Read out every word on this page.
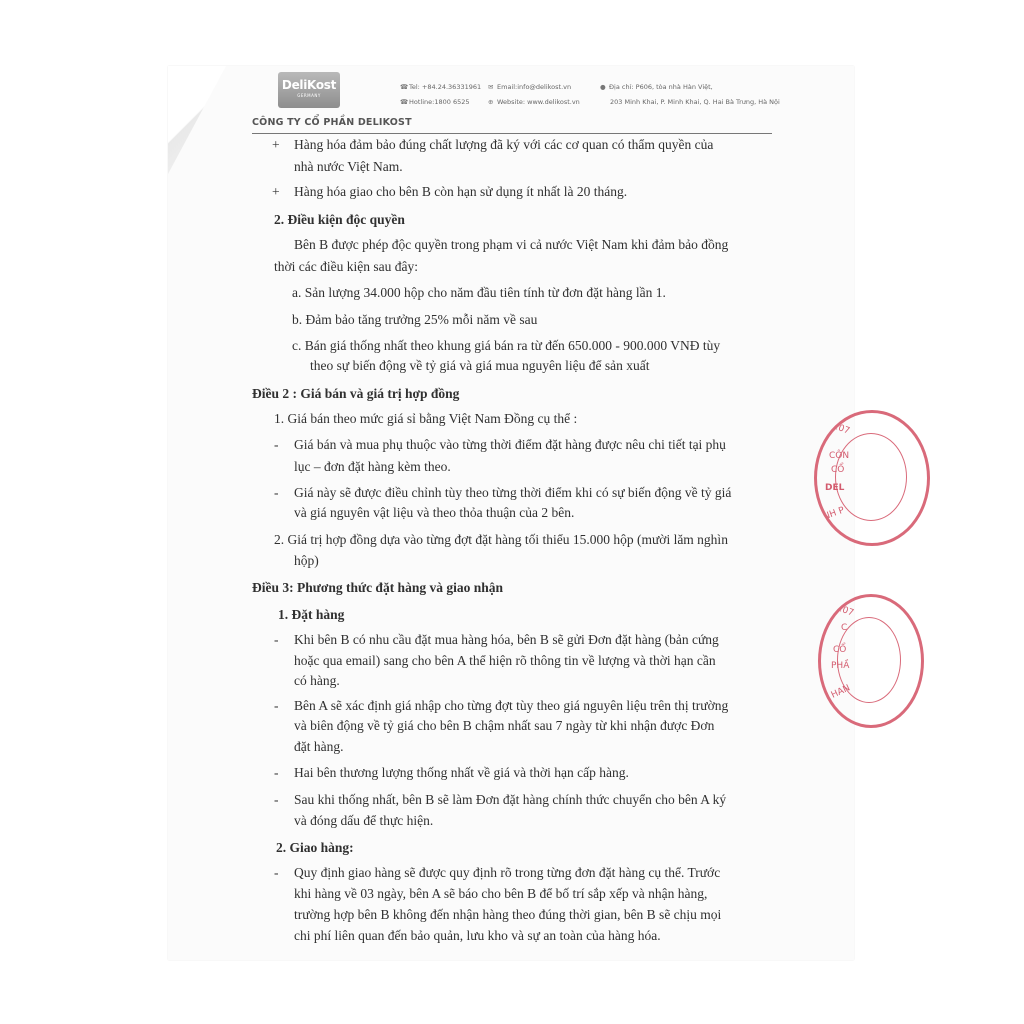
DeliKost
GERMANY
CÔNG TY CỔ PHẦN DELIKOST
☎Tel: +84.24.36331961
☎Hotline:1800 6525
✉ Email:info@delikost.vn
⊕ Website: www.delikost.vn
● Địa chỉ: P606, tòa nhà Hàn Việt,
203 Minh Khai, P. Minh Khai, Q. Hai Bà Trưng, Hà Nội
+ Hàng hóa đảm bảo đúng chất lượng đã ký với các cơ quan có thẩm quyền của
nhà nước Việt Nam.
+ Hàng hóa giao cho bên B còn hạn sử dụng ít nhất là 20 tháng.
2. Điều kiện độc quyền
Bên B được phép độc quyền trong phạm vi cả nước Việt Nam khi đảm bảo đồng
thời các điều kiện sau đây:
a. Sản lượng 34.000 hộp cho năm đầu tiên tính từ đơn đặt hàng lần 1.
b. Đảm bảo tăng trưởng 25% mỗi năm về sau
c. Bán giá thống nhất theo khung giá bán ra từ đến 650.000 - 900.000 VNĐ tùy
theo sự biến động về tỷ giá và giá mua nguyên liệu để sản xuất
Điều 2 : Giá bán và giá trị hợp đồng
1. Giá bán theo mức giá sỉ bằng Việt Nam Đồng cụ thể :
- Giá bán và mua phụ thuộc vào từng thời điểm đặt hàng được nêu chi tiết tại phụ
lục – đơn đặt hàng kèm theo.
- Giá này sẽ được điều chỉnh tùy theo từng thời điểm khi có sự biến động về tỷ giá
và giá nguyên vật liệu và theo thỏa thuận của 2 bên.
2. Giá trị hợp đồng dựa vào từng đợt đặt hàng tối thiểu 15.000 hộp (mười lăm nghìn
hộp)
Điều 3: Phương thức đặt hàng và giao nhận
1. Đặt hàng
- Khi bên B có nhu cầu đặt mua hàng hóa, bên B sẽ gửi Đơn đặt hàng (bản cứng
hoặc qua email) sang cho bên A thể hiện rõ thông tin về lượng và thời hạn cần
có hàng.
- Bên A sẽ xác định giá nhập cho từng đợt tùy theo giá nguyên liệu trên thị trường
và biên động về tỷ giá cho bên B chậm nhất sau 7 ngày từ khi nhận được Đơn
đặt hàng.
- Hai bên thương lượng thống nhất về giá và thời hạn cấp hàng.
- Sau khi thống nhất, bên B sẽ làm Đơn đặt hàng chính thức chuyển cho bên A ký
và đóng dấu để thực hiện.
2. Giao hàng:
- Quy định giao hàng sẽ được quy định rõ trong từng đơn đặt hàng cụ thể. Trước
khi hàng về 03 ngày, bên A sẽ báo cho bên B để bố trí sắp xếp và nhận hàng,
trường hợp bên B không đến nhận hàng theo đúng thời gian, bên B sẽ chịu mọi
chi phí liên quan đến bảo quản, lưu kho và sự an toàn của hàng hóa.
0107
CÔN
CỔ
DEL
NH P
0107
C
CỔ
PHẦ
HAN
